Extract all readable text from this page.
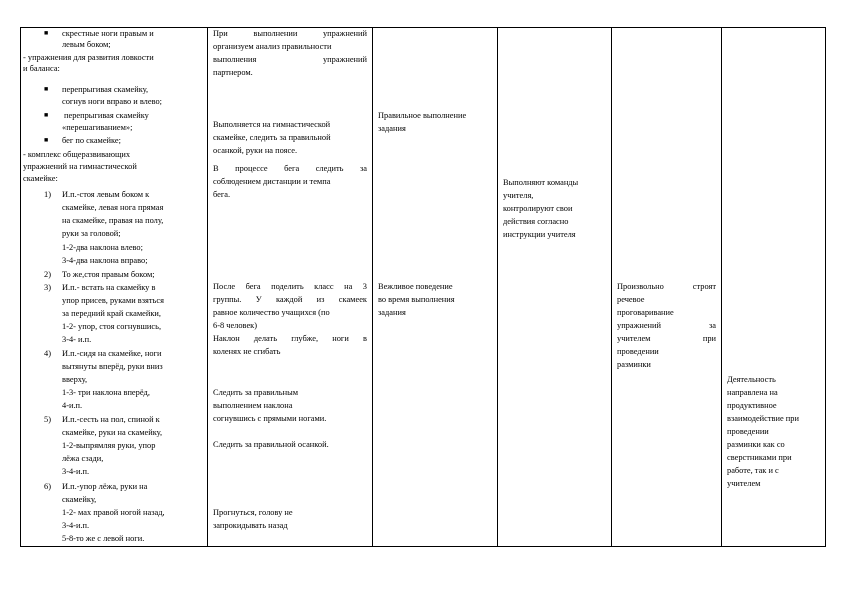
■ скрестные ноги правым и
левым боком;
- упражнения для развития ловкости
и баланса:
■ перепрыгивая скамейку,
согнув ноги вправо и влево;
■ перепрыгивая скамейку
«перешагиванием»;
■ бег по скамейке;
- комплекс общеразвивающих
упражнений на гимнастической
скамейке:
1) И.п.-стоя левым боком к
скамейке, левая нога прямая
на скамейке, правая на полу,
руки за головой;
1-2-два наклона влево;
3-4-два наклона вправо;
2) То же,стоя правым боком;
3) И.п.- встать на скамейку в
упор присев, руками взяться
за передний край скамейки,
1-2- упор, стоя согнувшись,
3-4- и.п.
4) И.п.-сидя на скамейке, ноги
вытянуты вперёд, руки вниз
вверху,
1-3- три наклона вперёд,
4-и.п.
5) И.п.-сесть на пол, спиной к
скамейке, руки на скамейку,
1-2-выпрямляя руки, упор
лёжа сзади,
3-4-и.п.
6) И.п.-упор лёжа, руки на
скамейку,
1-2- мах правой ногой назад,
3-4-и.п.
5-8-то же с левой ноги.
При выполнении упражнений
организуем анализ правильности
выполнения упражнений
партнером.
Выполняется на гимнастической
скамейке, следить за правильной
осанкой, руки на поясе.
В процессе бега следить за
соблюдением дистанции и темпа
бега.
После бега поделить класс на 3
группы. У каждой из скамеек
равное количество учащихся (по
6-8 человек)
Наклон делать глубже, ноги в
коленях не сгибать
Следить за правильным
выполнением наклона
согнувшись с прямыми ногами.
Следить за правильной осанкой.
Прогнуться, голову не
запрокидывать назад
Правильное выполнение
задания
Вежливое поведение
во время выполнения
задания
Выполняют команды
учителя,
контролируют свои
действия согласно
инструкции учителя
Произвольно строят
речевое
проговаривание
упражнений за
учителем при
проведении
разминки
Деятельность
направлена на
продуктивное
взаимодействие при
проведении
разминки как со
сверстниками при
работе, так и с
учителем
